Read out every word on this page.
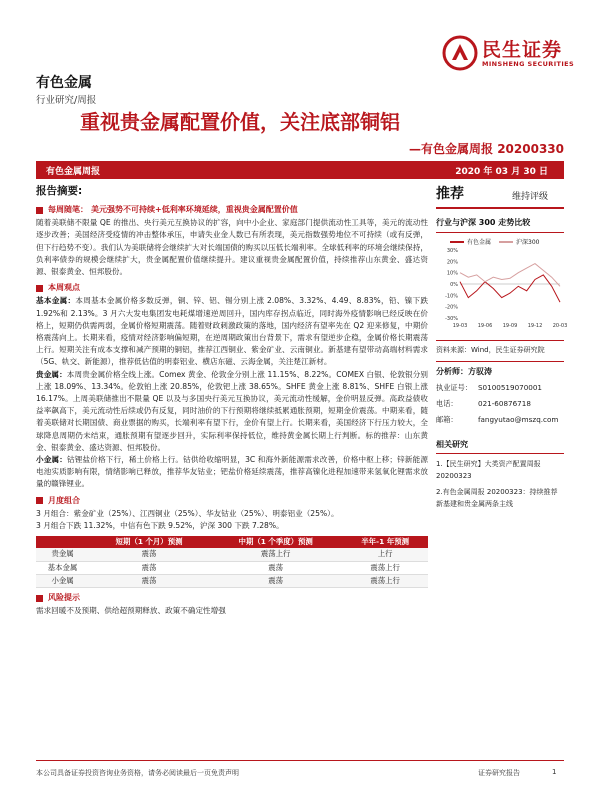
民生证券
MINSHENG SECURITIES
有色金属
行业研究/周报
重视贵金属配置价值，关注底部铜铝
—有色金属周报 20200330
有色金属周报	2020 年 03 月 30 日
报告摘要:
每周随笔： 美元强势不可持续+低利率环境延续，重视贵金属配置价值
随着美联储不限量 QE 的推出、央行美元互换协议的扩容，向中小企业、家庭部门提供流动性工具等，美元的流动性逐步改善；美国经济受疫情的冲击整体承压，申请失业金人数已有所表现，美元指数强势地位不可持续（或有反弹，但下行趋势不变）。我们认为美联储将会继续扩大对长端国债的购买以压低长端利率。全球低利率的环境会继续保持，负利率债券的规模会继续扩大，贵金属配置价值继续提升。建议重视贵金属配置价值，持续推荐山东黄金、盛达资源、银泰黄金、恒邦股份。
本周观点
基本金属：本周基本金属价格多数反弹，铜、锌、铝、锡分别上涨 2.08%、3.32%、4.49、8.83%，铅、镍下跌 1.92%和 2.13%。3 月六大发电集团发电耗煤增速逆周回升，国内库存拐点临近，同时海外疫情影响已经反映在价格上，短期仍供需两弱，金属价格短期震荡。随着财政刺激政策的落地，国内经济有望率先在 Q2 迎来修复，中期价格震荡向上。长期来看，疫情对经济影响偏短期，在逆周期政策出台背景下，需求有望逆步企稳，金属价格长期震荡上行。短期关注有成本支撑和减产预期的铜铝，推荐江西铜业、紫金矿业、云南铜业。新基建有望带动高端材料需求（5G、轨交、新能源），推荐低估值的明泰铝业、横店东磁、云海金属，关注楚江新材。
贵金属：本周贵金属价格全线上涨。Comex 黄金、伦敦金分别上涨 11.15%、8.22%。COMEX 白银、伦敦银分别上涨 18.09%、13.34%。伦敦铂上涨 20.85%，伦敦钯上涨 38.65%。SHFE 黄金上涨 8.81%、SHFE 白银上涨 16.17%。上周美联储推出不限量 QE 以及与多国央行美元互换协议，美元流动性缓解，金价明显反弹。高政益债收益率飙高下，美元流动性后续或仍有反复，同时油价的下行预期将继续抵累通胀预期，短期金价震荡。中期来看，随着美联储对长期国债、商业票据的购买，长端利率有望下行，金价有望上行。长期来看，美国经济下行压力较大，全球降息周期仍未结束，通胀预期有望逐步回升，实际利率保持低位，维持黄金属长期上行判断。标的推荐：山东黄金、银泰黄金、盛达资源、恒邦股份。
小金属：钴锂盐价格下行，稀土价格上行。钴供给收缩明显，3C 和海外新能源需求改善，价格中枢上移；锌新能源电池实质影响有限，情绪影响已释放，推荐华友钴业；钯盐价格延续震荡，推荐高镍化进程加速带来氢氧化锂需求放量的赣锋锂业。
月度组合
3 月组合：紫金矿业（25%）、江西铜业（25%）、华友钴业（25%）、明泰铝业（25%）。
3 月组合下跌 11.32%，中信有色下跌 9.52%，沪深 300 下跌 7.28%。
	短期（1 个月）预测	中期（1 个季度）预测	半年-1 年预测
贵金属	震荡	震荡上行	上行
基本金属	震荡	震荡	震荡上行
小金属	震荡	震荡	震荡上行
风险提示
需求回暖不及预期、供给超预期释放、政策不确定性增强
推荐	维持评级
行业与沪深 300 走势比较
有色金属	沪深300
30%
20%
10%
0%
-10%
-20%
-30%
19-03 19-06 19-09 19-12 20-03
资料来源：Wind，民生证券研究院
分析师：方驭涛
执业证号： S0100519070001
电话：	021-60876718
邮箱：	fangyutao@mszq.com
相关研究
1.【民生研究】大类资产配置周报 20200323
2.有色金属周报 20200323：持续推荐新基建和贵金属两条主线
本公司具备证券投资咨询业务资格，请务必阅读最后一页免责声明	证券研究报告	1
